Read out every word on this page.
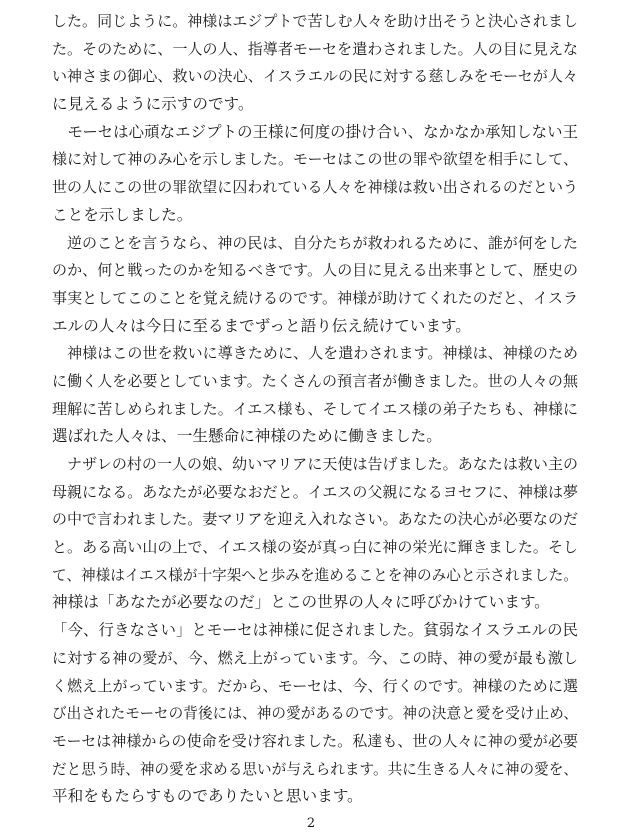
した。同じように。神様はエジプトで苦しむ人々を助け出そうと決心されまし
た。そのために、一人の人、指導者モーセを遣わされました。人の目に見えな
い神さまの御心、救いの決心、イスラエルの民に対する慈しみをモーセが人々
に見えるように示すのです。
　モーセは心頑なエジプトの王様に何度の掛け合い、なかなか承知しない王
様に対して神のみ心を示しました。モーセはこの世の罪や欲望を相手にして、
世の人にこの世の罪欲望に囚われている人々を神様は救い出されるのだという
ことを示しました。
　逆のことを言うなら、神の民は、自分たちが救われるために、誰が何をした
のか、何と戦ったのかを知るべきです。人の目に見える出来事として、歴史の
事実としてこのことを覚え続けるのです。神様が助けてくれたのだと、イスラ
エルの人々は今日に至るまでずっと語り伝え続けています。
　神様はこの世を救いに導きために、人を遣わされます。神様は、神様のため
に働く人を必要としています。たくさんの預言者が働きました。世の人々の無
理解に苦しめられました。イエス様も、そしてイエス様の弟子たちも、神様に
選ばれた人々は、一生懸命に神様のために働きました。
　ナザレの村の一人の娘、幼いマリアに天使は告げました。あなたは救い主の
母親になる。あなたが必要なおだと。イエスの父親になるヨセフに、神様は夢
の中で言われました。妻マリアを迎え入れなさい。あなたの決心が必要なのだ
と。ある高い山の上で、イエス様の姿が真っ白に神の栄光に輝きました。そし
て、神様はイエス様が十字架へと歩みを進めることを神のみ心と示されました。
神様は「あなたが必要なのだ」とこの世界の人々に呼びかけています。
「今、行きなさい」とモーセは神様に促されました。貧弱なイスラエルの民
に対する神の愛が、今、燃え上がっています。今、この時、神の愛が最も激し
く燃え上がっています。だから、モーセは、今、行くのです。神様のために選
び出されたモーセの背後には、神の愛があるのです。神の決意と愛を受け止め、
モーセは神様からの使命を受け容れました。私達も、世の人々に神の愛が必要
だと思う時、神の愛を求める思いが与えられます。共に生きる人々に神の愛を、
平和をもたらすものでありたいと思います。
2
